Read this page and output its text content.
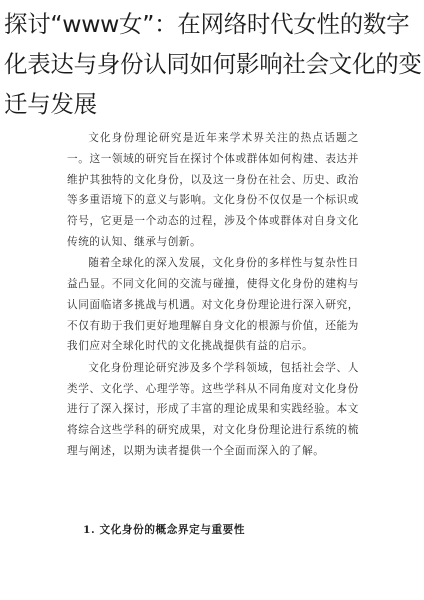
探讨“www女”：在网络时代女性的数字化表达与身份认同如何影响社会文化的变迁与发展

文化身份理论研究是近年来学术界关注的热点话题之一。这一领域的研究旨在探讨个体或群体如何构建、表达并维护其独特的文化身份，以及这一身份在社会、历史、政治等多重语境下的意义与影响。文化身份不仅仅是一个标识或符号，它更是一个动态的过程，涉及个体或群体对自身文化传统的认知、继承与创新。

随着全球化的深入发展，文化身份的多样性与复杂性日益凸显。不同文化间的交流与碰撞，使得文化身份的建构与认同面临诸多挑战与机遇。对文化身份理论进行深入研究，不仅有助于我们更好地理解自身文化的根源与价值，还能为我们应对全球化时代的文化挑战提供有益的启示。

文化身份理论研究涉及多个学科领域，包括社会学、人类学、文化学、心理学等。这些学科从不同角度对文化身份进行了深入探讨，形成了丰富的理论成果和实践经验。本文将综合这些学科的研究成果，对文化身份理论进行系统的梳理与阐述，以期为读者提供一个全面而深入的了解。

1. 文化身份的概念界定与重要性
